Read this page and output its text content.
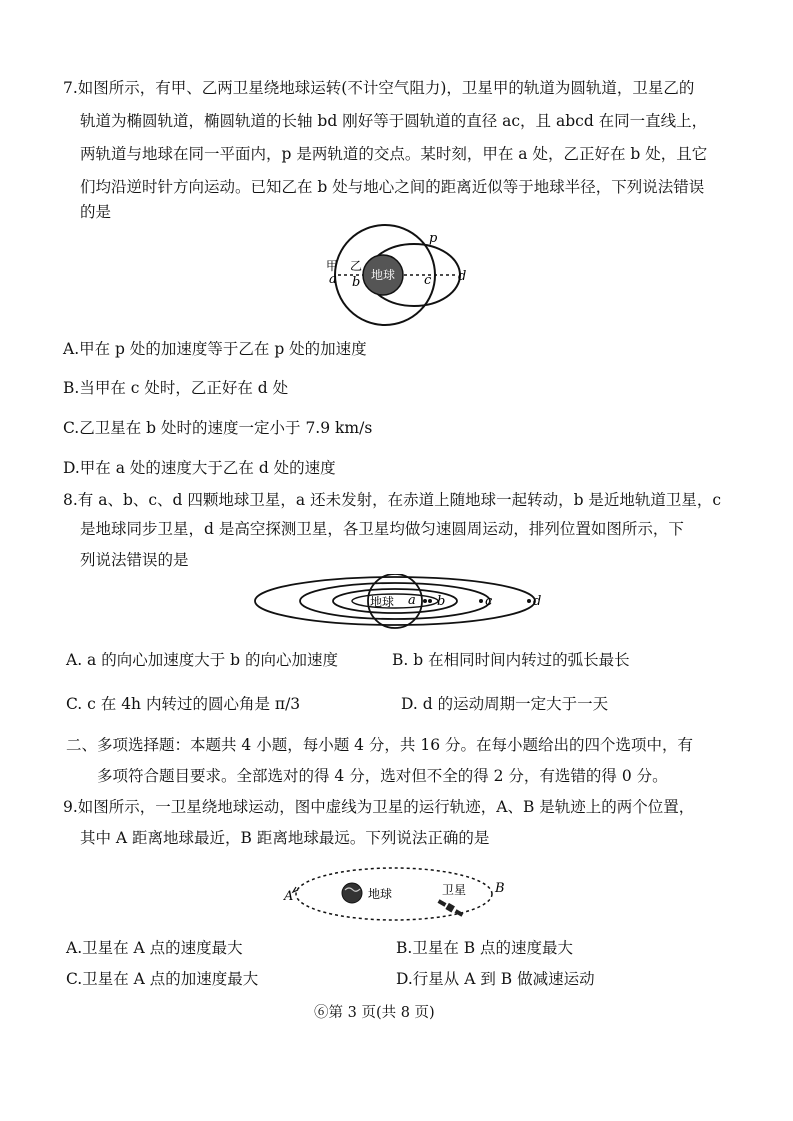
7.如图所示，有甲、乙两卫星绕地球运转(不计空气阻力)，卫星甲的轨道为圆轨道，卫星乙的
轨道为椭圆轨道，椭圆轨道的长轴 bd 刚好等于圆轨道的直径 ac，且 abcd 在同一直线上，
两轨道与地球在同一平面内，p 是两轨道的交点。某时刻，甲在 a 处，乙正好在 b 处，且它
们均沿逆时针方向运动。已知乙在 b 处与地心之间的距离近似等于地球半径，下列说法错误
的是
地球
甲 乙
a b	c d
p
A.甲在 p 处的加速度等于乙在 p 处的加速度
B.当甲在 c 处时，乙正好在 d 处
C.乙卫星在 b 处时的速度一定小于 7.9 km/s
D.甲在 a 处的速度大于乙在 d 处的速度
8.有 a、b、c、d 四颗地球卫星，a 还未发射，在赤道上随地球一起转动，b 是近地轨道卫星，c
是地球同步卫星，d 是高空探测卫星，各卫星均做匀速圆周运动，排列位置如图所示，下
列说法错误的是
地球 a b	c	d
A. a 的向心加速度大于 b 的向心加速度	B. b 在相同时间内转过的弧长最长
C. c 在 4h 内转过的圆心角是 π/3	D. d 的运动周期一定大于一天
二、多项选择题：本题共 4 小题，每小题 4 分，共 16 分。在每小题给出的四个选项中，有
多项符合题目要求。全部选对的得 4 分，选对但不全的得 2 分，有选错的得 0 分。
9.如图所示，一卫星绕地球运动，图中虚线为卫星的运行轨迹，A、B 是轨迹上的两个位置，
其中 A 距离地球最近，B 距离地球最远。下列说法正确的是
地球	卫星
A
B
A.卫星在 A 点的速度最大	B.卫星在 B 点的速度最大
C.卫星在 A 点的加速度最大	D.行星从 A 到 B 做减速运动
⑥第 3 页(共 8 页)
